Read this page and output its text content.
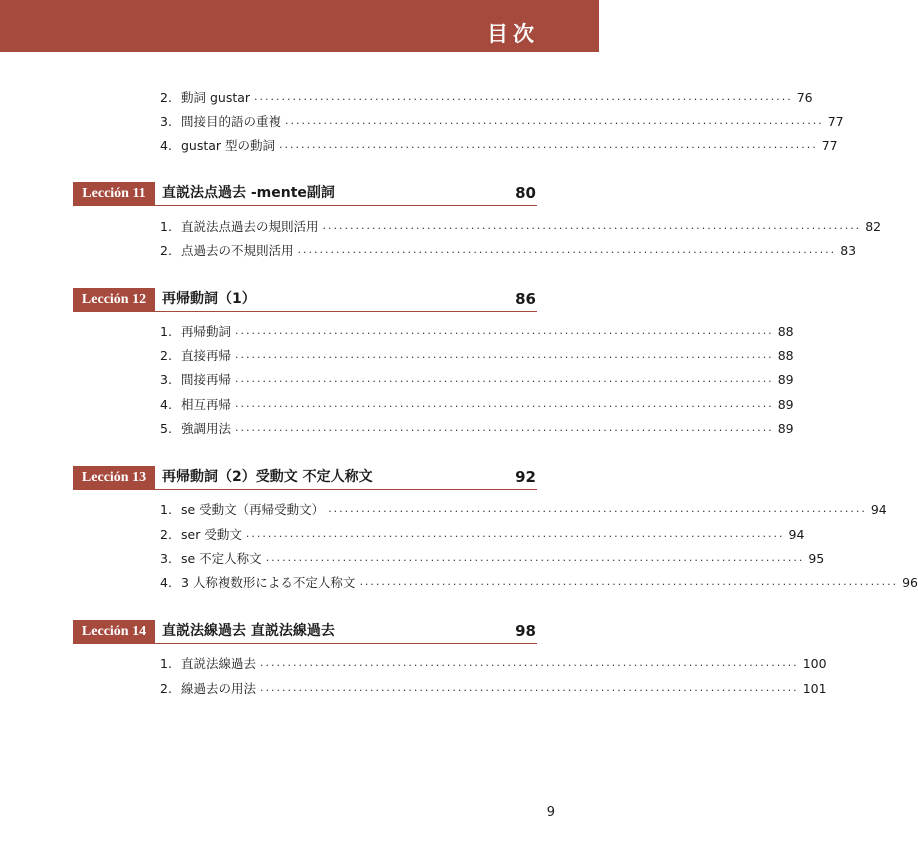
目次
2. 動詞 gustar .................................................................................................. 76
3. 間接目的語の重複 .................................................................................................. 77
4. gustar 型の動詞 .................................................................................................. 77
Lección 11	直説法点過去 -mente副詞	80
1. 直説法点過去の規則活用 .................................................................................................. 82
2. 点過去の不規則活用 .................................................................................................. 83
Lección 12	再帰動詞（1）	86
1. 再帰動詞 .................................................................................................. 88
2. 直接再帰 .................................................................................................. 88
3. 間接再帰 .................................................................................................. 89
4. 相互再帰 .................................................................................................. 89
5. 強調用法 .................................................................................................. 89
Lección 13	再帰動詞（2）受動文 不定人称文	92
1. se 受動文（再帰受動文） .................................................................................................. 94
2. ser 受動文 .................................................................................................. 94
3. se 不定人称文 .................................................................................................. 95
4. 3 人称複数形による不定人称文 .................................................................................................. 96
Lección 14	直説法線過去 直説法線過去	98
1. 直説法線過去 .................................................................................................. 100
2. 線過去の用法 .................................................................................................. 101
9
